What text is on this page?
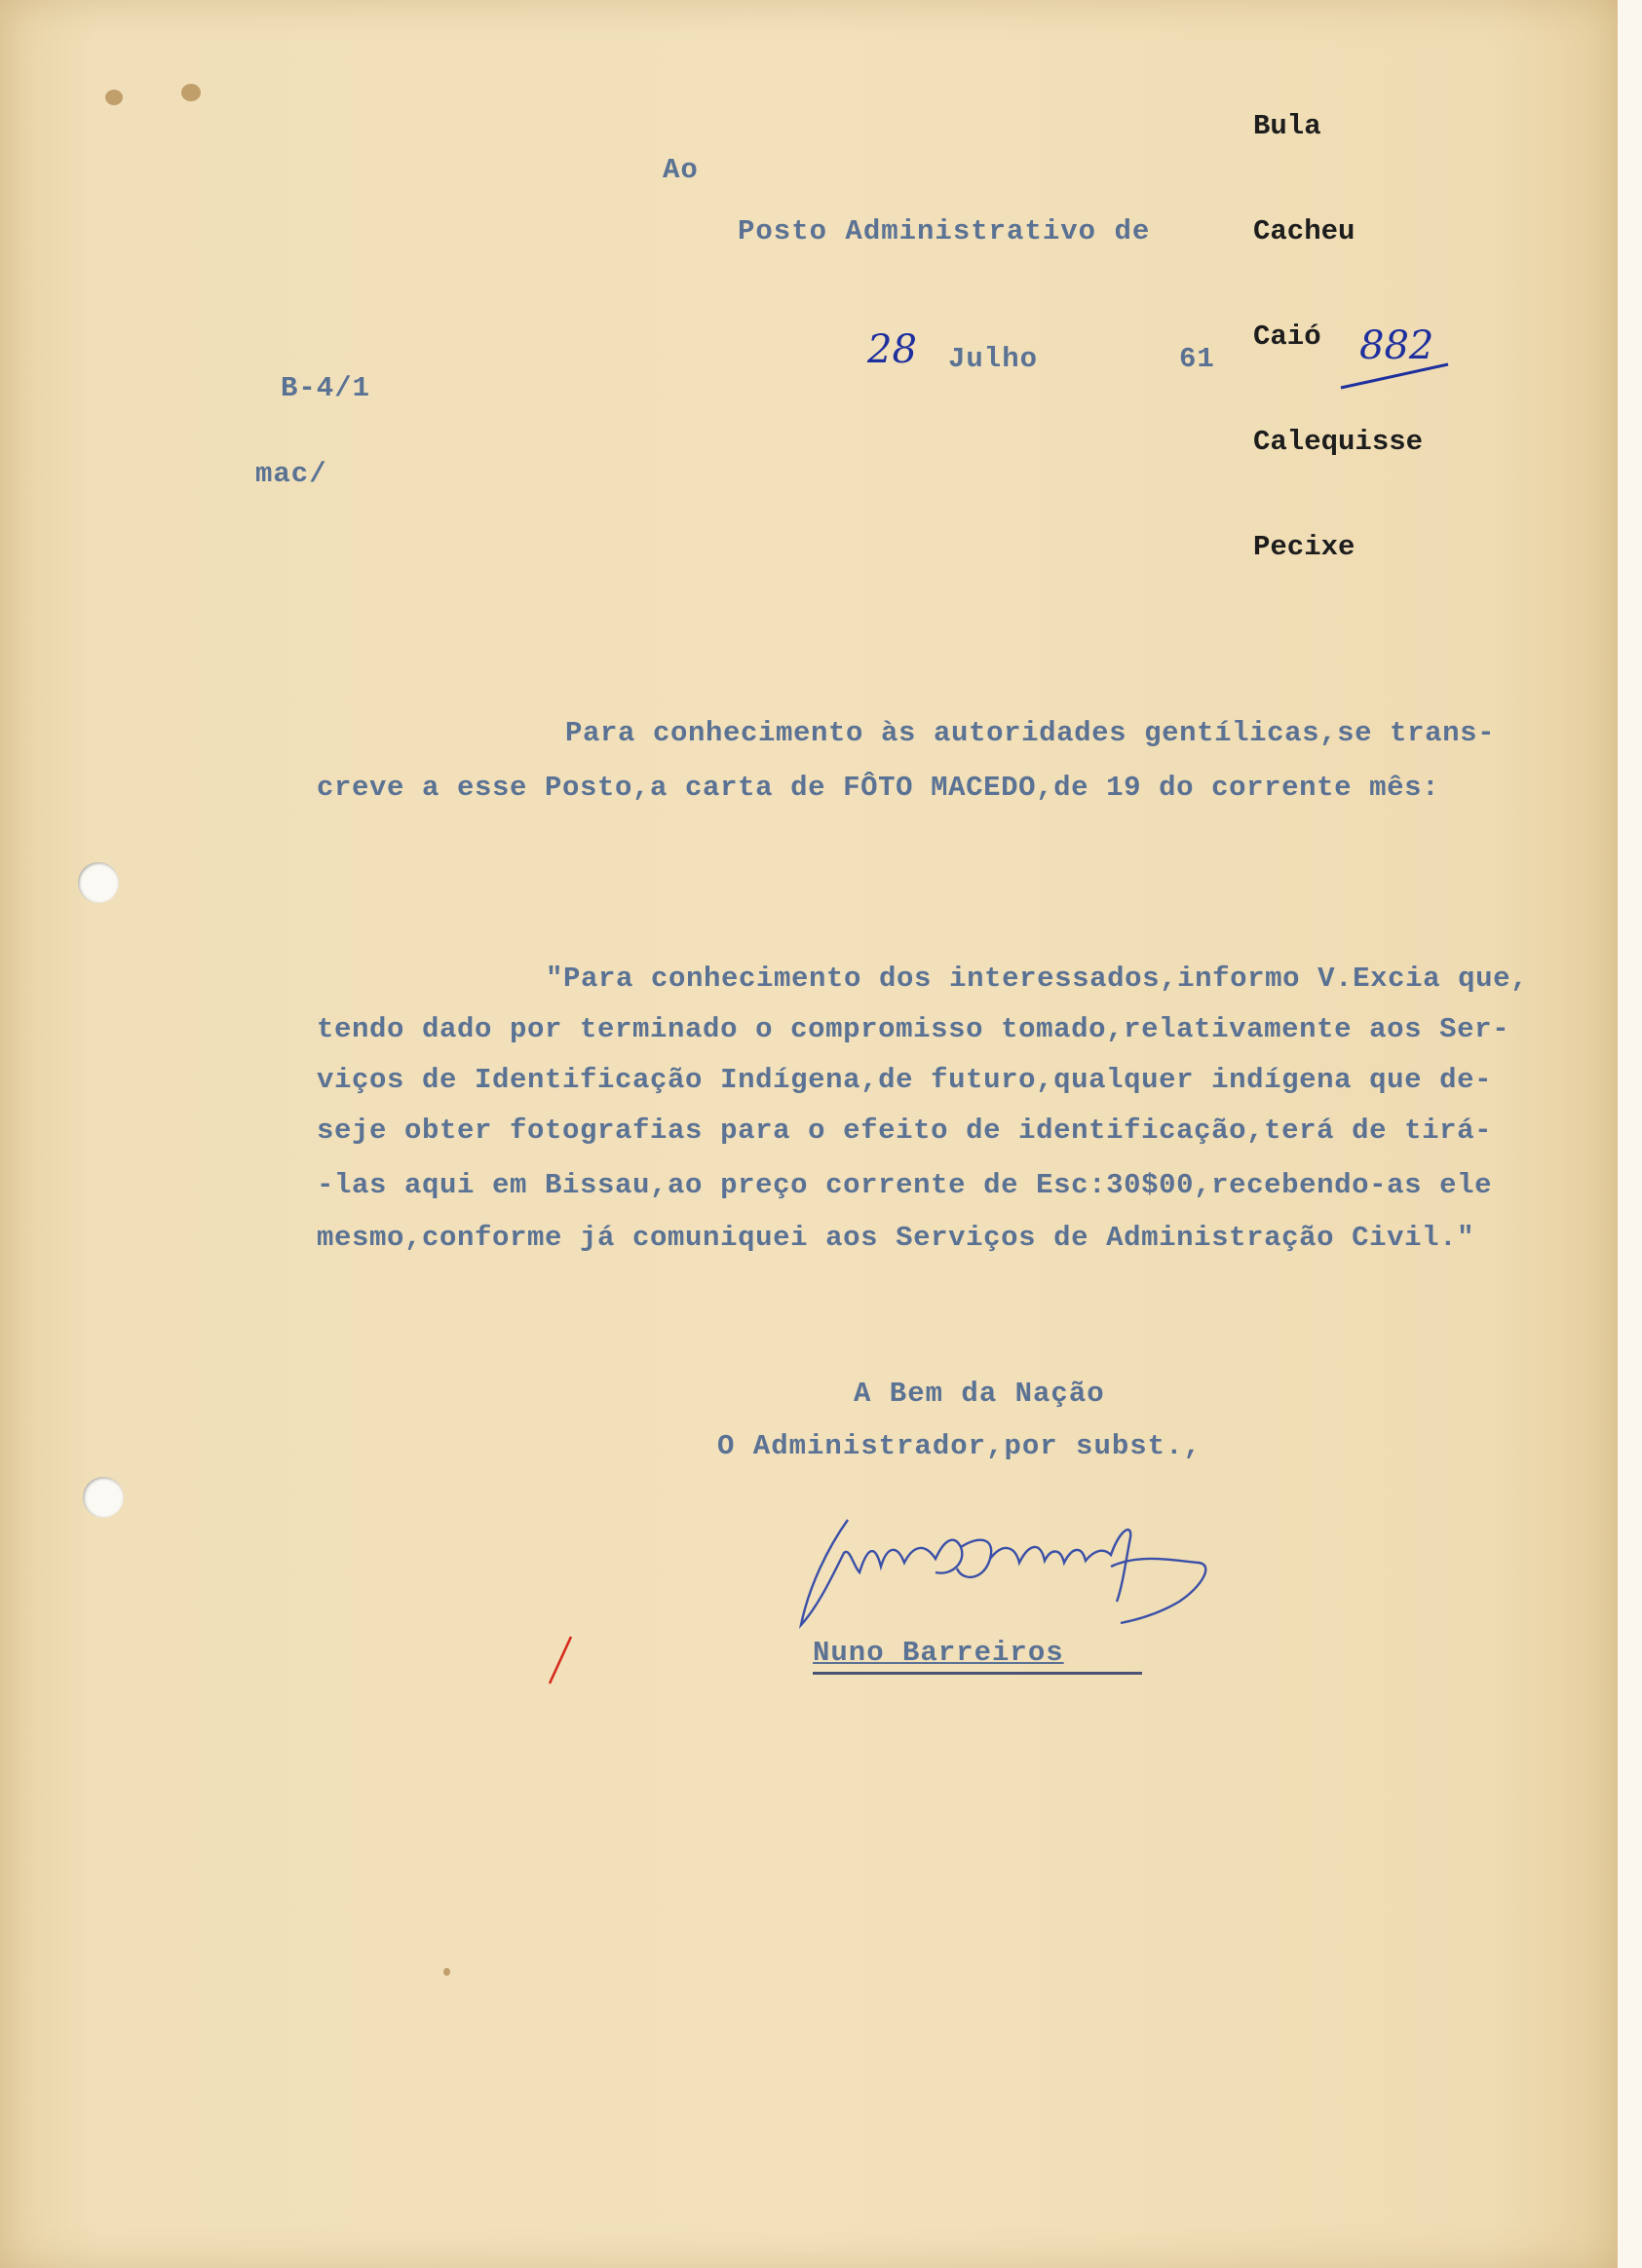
Bula

Cacheu

Caió

Calequisse

Pecixe

Ao
Posto Administrativo de
28 Julho	61	882
B-4/1
mac/
Para conhecimento às autoridades gentílicas,se trans-
creve a esse Posto,a carta de FÔTO MACEDO,de 19 do corrente mês:
"Para conhecimento dos interessados,informo V.Excia que,
tendo dado por terminado o compromisso tomado,relativamente aos Ser-
viços de Identificação Indígena,de futuro,qualquer indígena que de-
seje obter fotografias para o efeito de identificação,terá de tirá-
-las aqui em Bissau,ao preço corrente de Esc:30$00,recebendo-as ele
mesmo,conforme já comuniquei aos Serviços de Administração Civil."
A Bem da Nação
O Administrador,por subst.,
Nuno Barreiros
